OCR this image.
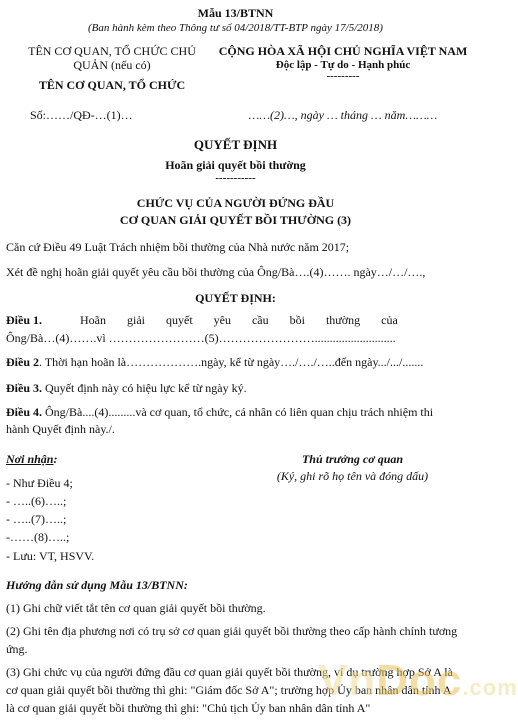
Mẫu 13/BTNN
(Ban hành kèm theo Thông tư số 04/2018/TT-BTP ngày 17/5/2018)
TÊN CƠ QUAN, TỔ CHỨC CHỦ
QUẢN (nếu có)
TÊN CƠ QUAN, TỔ CHỨC
Số:……/QĐ-…(1)…
CỘNG HÒA XÃ HỘI CHỦ NGHĨA VIỆT NAM
Độc lập - Tự do - Hạnh phúc
---------
……(2)…, ngày … tháng … năm………
QUYẾT ĐỊNH
Hoãn giải quyết bồi thường
-----------
CHỨC VỤ CỦA NGƯỜI ĐỨNG ĐẦU
CƠ QUAN GIẢI QUYẾT BỒI THƯỜNG (3)
Căn cứ Điều 49 Luật Trách nhiệm bồi thường của Nhà nước năm 2017;
Xét đề nghị hoãn giải quyết yêu cầu bồi thường của Ông/Bà….(4)……. ngày…/…/….,
QUYẾT ĐỊNH:
Điều 1.	Hoãn giải quyết yêu cầu bồi thường của
Ông/Bà…(4)…….vì ……………………(5)……………………...........................
Điều 2. Thời hạn hoãn là……………….ngày, kể từ ngày…./…./…..đến ngày.../.../.......
Điều 3. Quyết định này có hiệu lực kể từ ngày ký.
Điều 4. Ông/Bà....(4).........và cơ quan, tổ chức, cá nhân có liên quan chịu trách nhiệm thi
hành Quyết định này./.
Nơi nhận:
- Như Điều 4;
- …..(6)…..;
- …..(7)…..;
-……(8)…..;
- Lưu: VT, HSVV.
Thủ trưởng cơ quan
(Ký, ghi rõ họ tên và đóng dấu)
Hướng dẫn sử dụng Mẫu 13/BTNN:
(1) Ghi chữ viết tắt tên cơ quan giải quyết bồi thường.
(2) Ghi tên địa phương nơi có trụ sở cơ quan giải quyết bồi thường theo cấp hành chính tương
ứng.
(3) Ghi chức vụ của người đứng đầu cơ quan giải quyết bồi thường, ví dụ trường hợp Sở A là
cơ quan giải quyết bồi thường thì ghi: "Giám đốc Sở A"; trường hợp Ủy ban nhân dân tỉnh A
là cơ quan giải quyết bồi thường thì ghi: "Chủ tịch Ủy ban nhân dân tỉnh A"
VnDoc.com
